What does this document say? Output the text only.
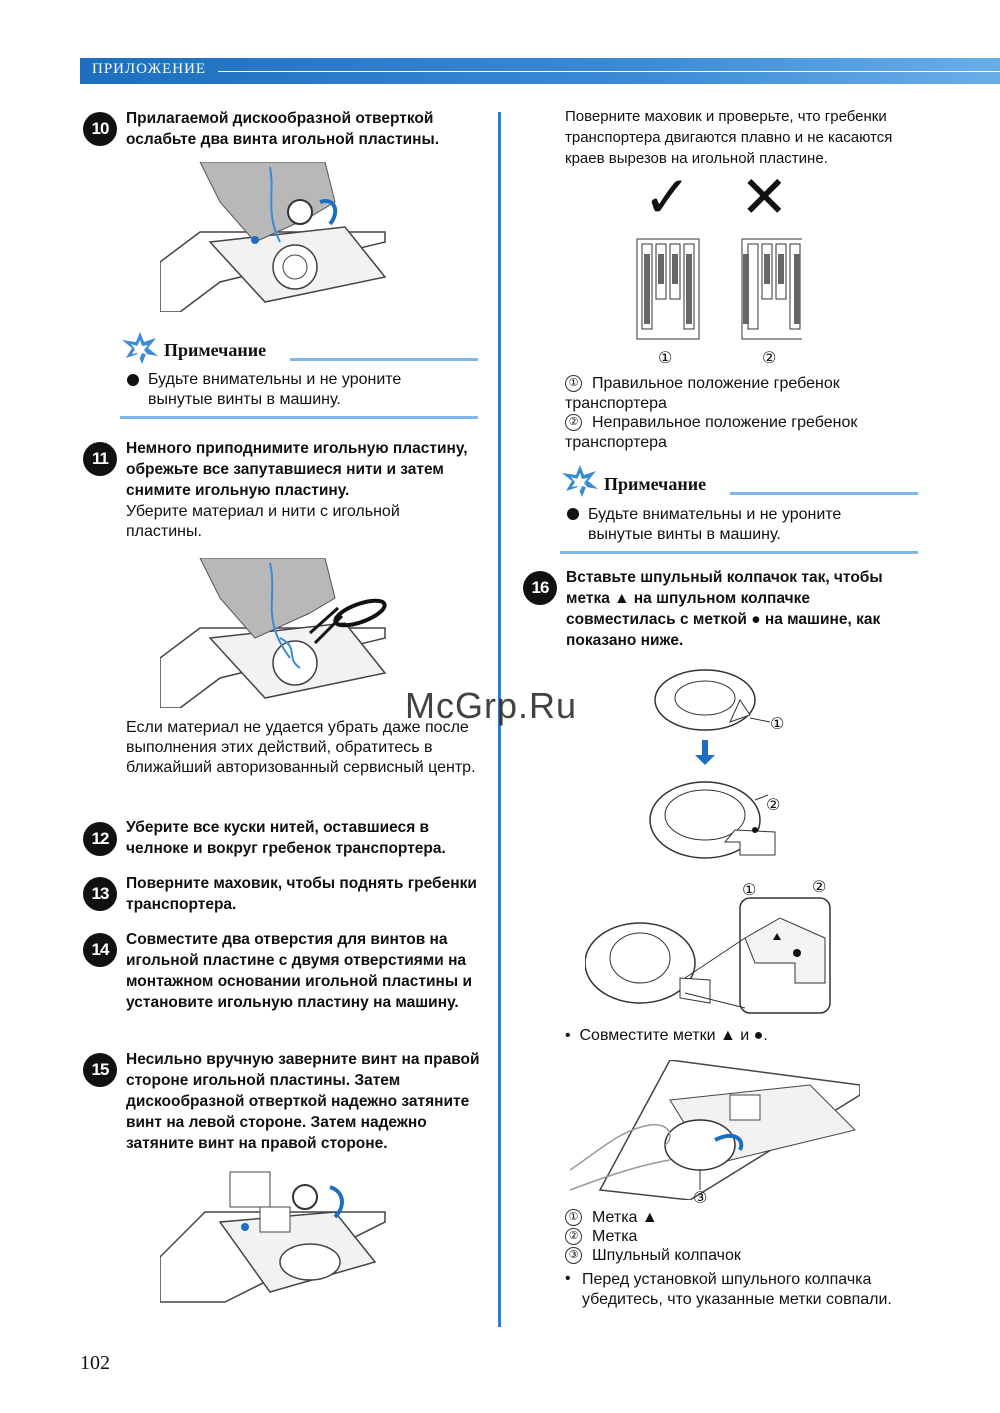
ПРИЛОЖЕНИЕ
10
Прилагаемой дискообразной отверткой ослабьте два винта игольной пластины.
Примечание
Будьте внимательны и не уроните вынутые винты в машину.
11
Немного приподнимите игольную пластину, обрежьте все запутавшиеся нити и затем снимите игольную пластину.
Уберите материал и нити с игольной пластины.
Если материал не удается убрать даже после выполнения этих действий, обратитесь в ближайший авторизованный сервисный центр.
12
Уберите все куски нитей, оставшиеся в челноке и вокруг гребенок транспортера.
13
Поверните маховик, чтобы поднять гребенки транспортера.
14
Совместите два отверстия для винтов на игольной пластине с двумя отверстиями на монтажном основании игольной пластины и установите игольную пластину на машину.
15
Несильно вручную заверните винт на правой стороне игольной пластины. Затем дискообразной отверткой надежно затяните винт на левой стороне. Затем надежно затяните винт на правой стороне.
Поверните маховик и проверьте, что гребенки транспортера двигаются плавно и не касаются краев вырезов на игольной пластине.
✓ ✕
①	②
① Правильное положение гребенок транспортера
② Неправильное положение гребенок транспортера
Примечание
Будьте внимательны и не уроните вынутые винты в машину.
16
Вставьте шпульный колпачок так, чтобы метка ▲ на шпульном колпачке совместилась с меткой ● на машине, как показано ниже.
①
②
①	②
•  Совместите метки ▲ и ●.
③
① Метка ▲
② Метка
③ Шпульный колпачок
• Перед установкой шпульного колпачка убедитесь, что указанные метки совпали.
McGrp.Ru
102
